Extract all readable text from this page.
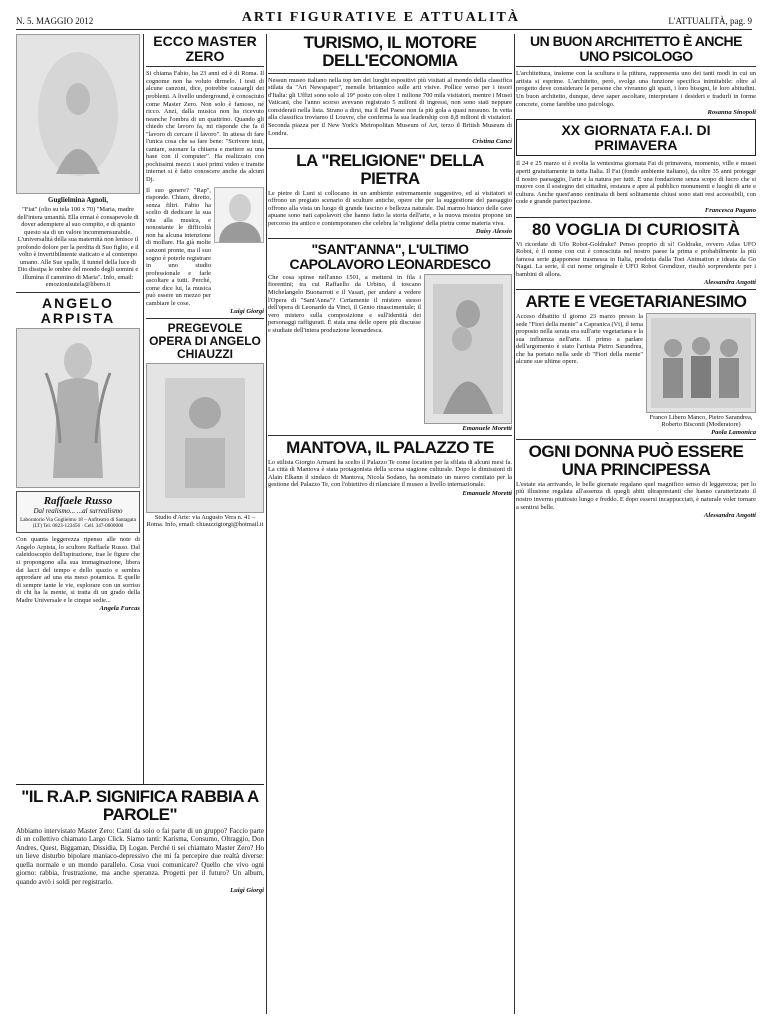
N. 5. MAGGIO 2012	ARTI FIGURATIVE E ATTUALITÀ	L'ATTUALITÀ, pag. 9
Guglielmina Agnoli,
"Fiat" (olio su tela 100 x 70) "Maria, madre dell'intera umanità. Ella ermai è consapevole di dover adempiere al suo compito, e di quanto questo sia di un valore incommensurabile. L'universalità della sua maternità non lenisce il profondo dolore per la perdita di Suo figlio, e il volto è invertibilmente staticato e al contempo umano. Alle Sue spalle, il tunnel della luce di Dio dissipa le ombre del mondo degli uomini e illumina il cammino di Maria". Info, email: emozionisutela@libero.it
ANGELO ARPISTA
Raffaele Russo
Dal realismo... ...al surrealismo
Laboratorio Via Guglielmo 18 – Anfiteatro di Santagata (LT) Tel. 0823-123456 · Cell. 347-0000000
Con quanta leggerezza ripenso alle note di Angelo Arpista, lo scultore Raffaele Russo. Dal caleidoscopio dell'ispirazione, trae le figure che si propongono alla sua immaginazione, libera dai lacci del tempo e dello spazio e sembra approdare ad una eta meso potamica. E quelle di sempre tante le vie, esplorare con un sorriso di chi ha la mente, si tratta di un grado della Madre Universale e le cinque sedie...
Angela Furcas
ECCO MASTER ZERO
Si chiama Fabio, ha 23 anni ed è di Roma. Il cognome non ha voluto dirmelo. I testi di alcune canzoni, dice, potrebbe causargli dei problemi. A livello underground, è conosciuto come Master Zero. Non solo è famoso, né ricco. Anzi, dalla musica non ha ricevuto neanche l'ombra di un quattrino. Quando gli chiedo che lavoro fa, mi risponde che fa il "lavoro di cercare il lavoro". In attesa di fare l'unica cosa che sa fare bene: "Scrivere testi, cantare, suonare la chitarra e mettere su una base con il computer". Ha realizzato con pochissimi mezzi i suoi primi video e tramite internet si è fatto conoscere anche da alcuni Dj.
Il suo genere? "Rap", risponde. Chiaro, diretto, senza filtri. Fabio ha scelto di dedicare la sua vita alla musica, e nonostante le difficoltà non ha alcuna intenzione di mollare. Ha già molte canzoni pronte, ma il suo sogno è poterle registrare in uno studio professionale e farle ascoltare a tutti. Perché, come dice lui, la musica può essere un mezzo per cambiare le cose.
Luigi Giorgi
PREGEVOLE OPERA DI ANGELO CHIAUZZI
Studio d'Arte: via Augusto Vera n. 41 – Roma. Info, email: chiauzzigiorgi@hotmail.it
TURISMO, IL MOTORE DELL'ECONOMIA
Nessun museo italiano nella top ten dei luoghi espositivi più visitati al mondo della classifica stilata da "Art Newspaper", mensile britannico sulle arti visive. Pollice verso per i tesori d'Italia: gli Uffizi sono solo al 19° posto con oltre 1 milione 700 mila visitatori, mentre i Musei Vaticani, che l'anno scorso avevano registrato 5 milioni di ingressi, non sono stati neppure considerati nella lista. Strano a dirsi, ma il Bel Paese non fa più gola a quasi nessuno. In vetta alla classifica troviamo il Louvre, che conferma la sua leadership con 8,8 milioni di visitatori. Seconda piazza per il New York's Metropolitan Museum of Art, terzo il British Museum di Londra.
Cristina Canci
LA "RELIGIONE" DELLA PIETRA
Le pietre di Luni si collocano in un ambiente estremamente suggestivo, ed ai visitatori si offrono un pregiato scenario di sculture antiche, opere che per la suggestione del paesaggio offrono alla vista un luogo di grande fascino e bellezza naturale. Dal marmo bianco delle cave apuane sono nati capolavori che hanno fatto la storia dell'arte, e la nuova mostra propone un percorso tra antico e contemporaneo che celebra la 'religione' della pietra come materia viva.
Daisy Alessio
"SANT'ANNA", L'ULTIMO CAPOLAVORO LEONARDESCO
Che cosa spinse nell'anno 1501, a mettersi in fila i fiorentini; tra cui Raffaello da Urbino, il toscano Michelangelo Buonarroti e il Vasari, per andare a vedere l'Opera di "Sant'Anna"? Certamente il mistero stesso dell'opera di Leonardo da Vinci, il Genio rinascimentale; il vero mistero sulla composizione e sull'identità dei personaggi raffigurati. È stata una delle opere più discusse e studiate dell'intera produzione leonardesca.
Emanuele Moretti
MANTOVA, IL PALAZZO TE
Lo stilista Giorgio Armani ha scelto il Palazzo Te come location per la sfilata di alcuni mesi fa. La città di Mantova è stata protagonista della scorsa stagione culturale. Dopo le dimissioni di Alain Elkann il sindaco di Mantova, Nicola Sodano, ha nominato un nuovo comitato per la gestione del Palazzo Te, con l'obiettivo di rilanciare il museo a livello internazionale.
Emanuele Moretti
UN BUON ARCHITETTO È ANCHE UNO PSICOLOGO
L'architettura, insieme con la scultura e la pittura, rappresenta uno dei tanti modi in cui un artista si esprime. L'architetto, però, svolge una funzione specifica inimitabile: oltre al progetto deve considerare le persone che vivranno gli spazi, i loro bisogni, le loro abitudini. Un buon architetto, dunque, deve saper ascoltare, interpretare i desideri e tradurli in forme concrete, come farebbe uno psicologo.
Rosanna Sinopoli
XX GIORNATA F.A.I. DI PRIMAVERA
Il 24 e 25 marzo si è svolta la ventesima giornata Fai di primavera, momento, ville e musei aperti gratuitamente in tutta Italia. Il Fai (fondo ambiente italiano), da oltre 35 anni protegge il nostro paesaggio, l'arte e la natura per tutti. E una fondazione senza scopo di lucro che si muove con il sostegno dei cittadini, restaura e apre al pubblico monumenti e luoghi di arte e cultura. Anche quest'anno centinaia di beni solitamente chiusi sono stati resi accessibili, con code e grande partecipazione.
Francesca Pagano
80 VOGLIA DI CURIOSITÀ
Vi ricordate di Ufo Robot-Goldrake? Penso proprio di sì! Goldrake, ovvero Atlas UFO Robot, è il nome con cui è conosciuta nel nostro paese la prima e probabilmente la più famosa serie giapponese trasmessa in Italia, prodotta dalla Toei Animation e ideata da Go Nagai. La serie, il cui nome originale è UFO Robot Grendizer, risultò sorprendente per i bambini di allora.
Alessandra Angotti
ARTE E VEGETARIANESIMO
Acceso dibattito il giorno 23 marzo presso la sede "Fiori della mente" a Capranica (Vt), il tema proposto nella serata era sull'arte vegetariana e la sua influenza nell'arte. Il primo a parlare dell'argomento è stato l'artista Pietro Sarandrea, che ha portato nella sede di "Fiori della mente" alcune sue ultime opere.
Franco Libero Manco, Pietro Sarandrea, Roberto Bisconti (Moderatore)
Paola Lamonica
OGNI DONNA PUÒ ESSERE UNA PRINCIPESSA
L'estate sta arrivando, le belle giornate regalano quel magnifico senso di leggerezza; per lo più illusione regalata all'assenza di quegli abiti ultraprestanti che hanno caratterizzato il nostro inverno piuttosto lungo e freddo. E dopo essersi incappucciati, è naturale voler tornare a sentirsi belle.
Alessandra Angotti
"IL R.A.P. SIGNIFICA RABBIA A PAROLE"
Abbiamo intervistato Master Zero: Canti da solo o fai parte di un gruppo? Faccio parte di un collettivo chiamato Largo Click. Siamo tanti: Karisma, Consumo, Oltraggio, Don Andres, Quest, Biggaman, Dissidia, Dj Logan. Perché ti sei chiamato Master Zero? Ho un lieve disturbo bipolare maniaco-depressivo che mi fa percepire due realtà diverse: quella normale e un mondo parallelo. Cosa vuoi comunicare? Quello che vivo ogni giorno: rabbia, frustrazione, ma anche speranza. Progetti per il futuro? Un album, quando avrò i soldi per registrarlo.
Luigi Giorgi
